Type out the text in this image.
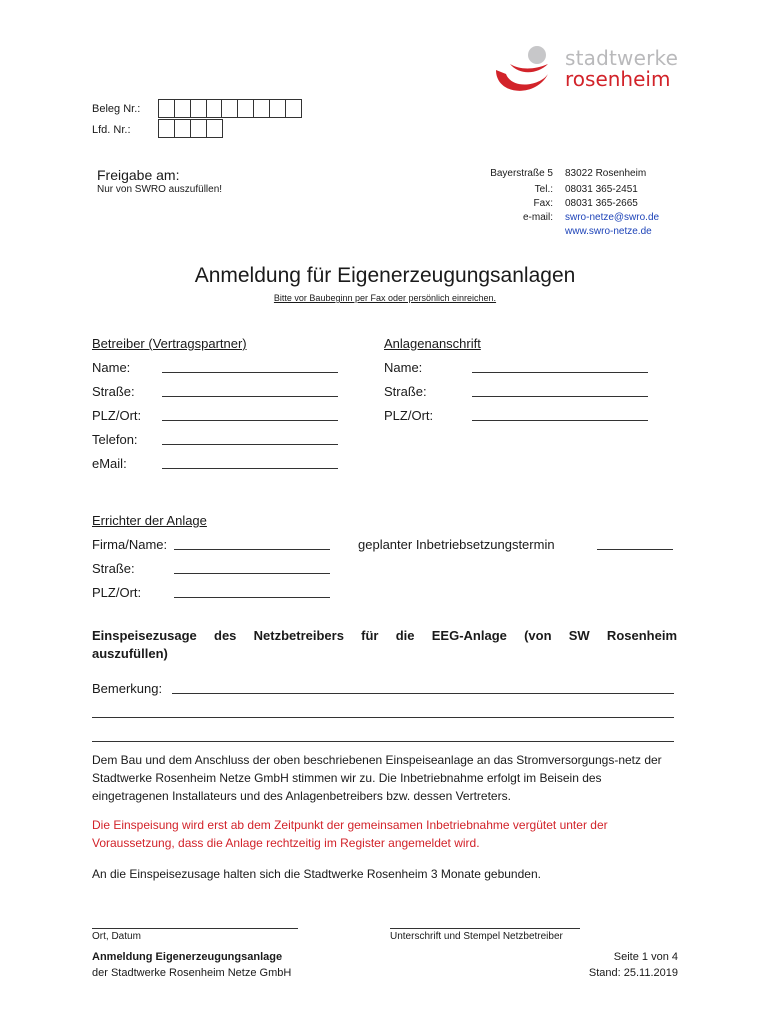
stadtwerke
rosenheim
Beleg Nr.:
Lfd. Nr.:
Freigabe am:
Nur von SWRO auszufüllen!
Bayerstraße 5 83022 Rosenheim
Tel.: 08031 365-2451
Fax: 08031 365-2665
e-mail: swro-netze@swro.de
www.swro-netze.de
Anmeldung für Eigenerzeugungsanlagen
Bitte vor Baubeginn per Fax oder persönlich einreichen.
Betreiber (Vertragspartner)
Name:
Straße:
PLZ/Ort:
Telefon:
eMail:
Anlagenanschrift
Name:
Straße:
PLZ/Ort:
Errichter der Anlage
Firma/Name:	geplanter Inbetriebsetzungstermin
Straße:
PLZ/Ort:
Einspeisezusage des Netzbetreibers für die EEG-Anlage (von SW Rosenheim auszufüllen)
Bemerkung:
Dem Bau und dem Anschluss der oben beschriebenen Einspeiseanlage an das Stromversorgungs-netz der Stadtwerke Rosenheim Netze GmbH stimmen wir zu. Die Inbetriebnahme erfolgt im Beisein des eingetragenen Installateurs und des Anlagenbetreibers bzw. dessen Vertreters.
Die Einspeisung wird erst ab dem Zeitpunkt der gemeinsamen Inbetriebnahme vergütet unter der Voraussetzung, dass die Anlage rechtzeitig im Register angemeldet wird.
An die Einspeisezusage halten sich die Stadtwerke Rosenheim 3 Monate gebunden.
Ort, Datum	Unterschrift und Stempel Netzbetreiber
Anmeldung Eigenerzeugungsanlage
der Stadtwerke Rosenheim Netze GmbH
Seite 1 von 4
Stand: 25.11.2019
